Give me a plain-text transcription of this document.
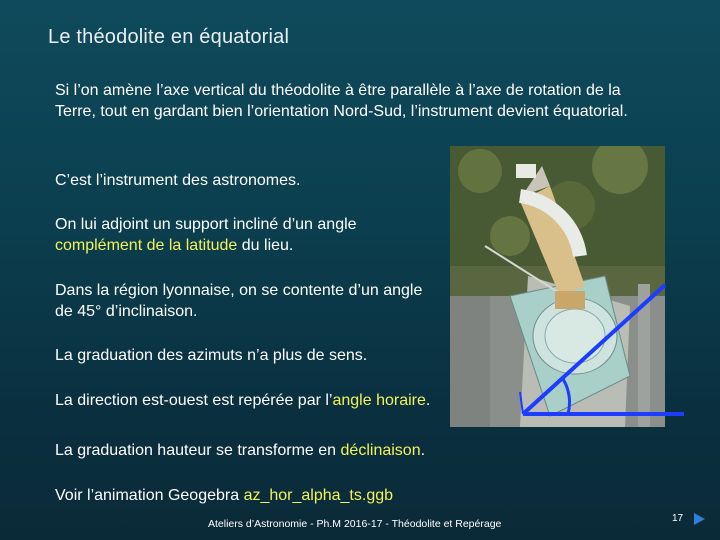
Le théodolite en équatorial
Si l’on amène l’axe vertical du théodolite à être parallèle à l’axe de rotation de la Terre, tout en gardant bien l’orientation Nord-Sud, l’instrument devient équatorial.
C’est l’instrument des astronomes.
On lui adjoint un support incliné d’un angle
complément de la latitude du lieu.
Dans la région lyonnaise, on se contente d’un angle de 45° d’inclinaison.
La graduation des azimuts n’a plus de sens.
La direction est-ouest est repérée par l’angle horaire.
La graduation hauteur se transforme en déclinaison.
Voir l’animation Geogebra az_hor_alpha_ts.ggb
Ateliers d’Astronomie - Ph.M 2016-17 - Théodolite et Repérage	17
